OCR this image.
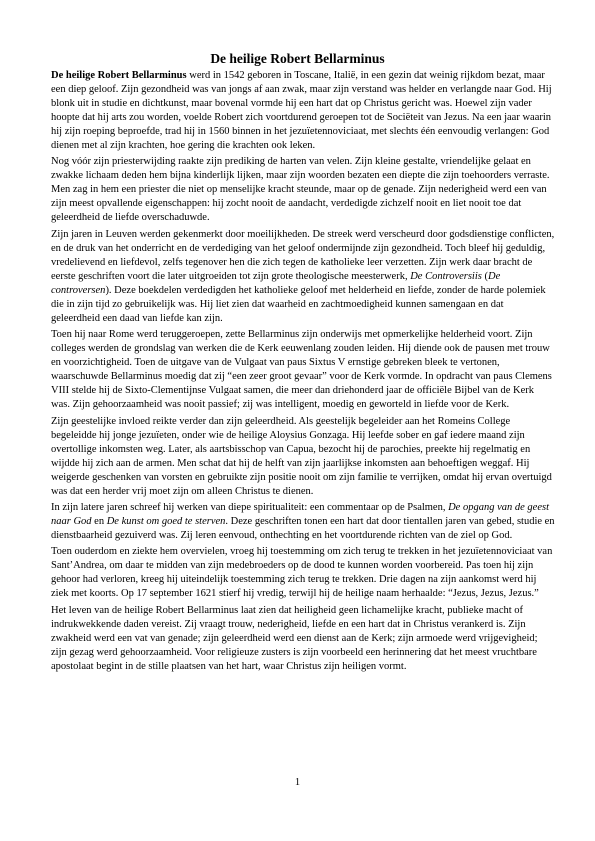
De heilige Robert Bellarminus

De heilige Robert Bellarminus werd in 1542 geboren in Toscane, Italië, in een gezin dat weinig rijkdom bezat, maar een diep geloof. Zijn gezondheid was van jongs af aan zwak, maar zijn verstand was helder en verlangde naar God. Hij blonk uit in studie en dichtkunst, maar bovenal vormde hij een hart dat op Christus gericht was. Hoewel zijn vader hoopte dat hij arts zou worden, voelde Robert zich voortdurend geroepen tot de Sociëteit van Jezus. Na een jaar waarin hij zijn roeping beproefde, trad hij in 1560 binnen in het jezuïetennoviciaat, met slechts één eenvoudig verlangen: God dienen met al zijn krachten, hoe gering die krachten ook leken.

Nog vóór zijn priesterwijding raakte zijn prediking de harten van velen. Zijn kleine gestalte, vriendelijke gelaat en zwakke lichaam deden hem bijna kinderlijk lijken, maar zijn woorden bezaten een diepte die zijn toehoorders verraste. Men zag in hem een priester die niet op menselijke kracht steunde, maar op de genade. Zijn nederigheid werd een van zijn meest opvallende eigenschappen: hij zocht nooit de aandacht, verdedigde zichzelf nooit en liet nooit toe dat geleerdheid de liefde overschaduwde.

Zijn jaren in Leuven werden gekenmerkt door moeilijkheden. De streek werd verscheurd door godsdienstige conflicten, en de druk van het onderricht en de verdediging van het geloof ondermijnde zijn gezondheid. Toch bleef hij geduldig, vredelievend en liefdevol, zelfs tegenover hen die zich tegen de katholieke leer verzetten. Zijn werk daar bracht de eerste geschriften voort die later uitgroeiden tot zijn grote theologische meesterwerk, De Controversiis (De controversen). Deze boekdelen verdedigden het katholieke geloof met helderheid en liefde, zonder de harde polemiek die in zijn tijd zo gebruikelijk was. Hij liet zien dat waarheid en zachtmoedigheid kunnen samengaan en dat geleerdheid een daad van liefde kan zijn.

Toen hij naar Rome werd teruggeroepen, zette Bellarminus zijn onderwijs met opmerkelijke helderheid voort. Zijn colleges werden de grondslag van werken die de Kerk eeuwenlang zouden leiden. Hij diende ook de pausen met trouw en voorzichtigheid. Toen de uitgave van de Vulgaat van paus Sixtus V ernstige gebreken bleek te vertonen, waarschuwde Bellarminus moedig dat zij “een zeer groot gevaar” voor de Kerk vormde. In opdracht van paus Clemens VIII stelde hij de Sixto-Clementijnse Vulgaat samen, die meer dan driehonderd jaar de officiële Bijbel van de Kerk was. Zijn gehoorzaamheid was nooit passief; zij was intelligent, moedig en geworteld in liefde voor de Kerk.

Zijn geestelijke invloed reikte verder dan zijn geleerdheid. Als geestelijk begeleider aan het Romeins College begeleidde hij jonge jezuïeten, onder wie de heilige Aloysius Gonzaga. Hij leefde sober en gaf iedere maand zijn overtollige inkomsten weg. Later, als aartsbisschop van Capua, bezocht hij de parochies, preekte hij regelmatig en wijdde hij zich aan de armen. Men schat dat hij de helft van zijn jaarlijkse inkomsten aan behoeftigen weggaf. Hij weigerde geschenken van vorsten en gebruikte zijn positie nooit om zijn familie te verrijken, omdat hij ervan overtuigd was dat een herder vrij moet zijn om alleen Christus te dienen.

In zijn latere jaren schreef hij werken van diepe spiritualiteit: een commentaar op de Psalmen, De opgang van de geest naar God en De kunst om goed te sterven. Deze geschriften tonen een hart dat door tientallen jaren van gebed, studie en dienstbaarheid gezuiverd was. Zij leren eenvoud, onthechting en het voortdurende richten van de ziel op God.

Toen ouderdom en ziekte hem overvielen, vroeg hij toestemming om zich terug te trekken in het jezuïetennoviciaat van Sant’Andrea, om daar te midden van zijn medebroeders op de dood te kunnen worden voorbereid. Pas toen hij zijn gehoor had verloren, kreeg hij uiteindelijk toestemming zich terug te trekken. Drie dagen na zijn aankomst werd hij ziek met koorts. Op 17 september 1621 stierf hij vredig, terwijl hij de heilige naam herhaalde: “Jezus, Jezus, Jezus.”

Het leven van de heilige Robert Bellarminus laat zien dat heiligheid geen lichamelijke kracht, publieke macht of indrukwekkende daden vereist. Zij vraagt trouw, nederigheid, liefde en een hart dat in Christus verankerd is. Zijn zwakheid werd een vat van genade; zijn geleerdheid werd een dienst aan de Kerk; zijn armoede werd vrijgevigheid; zijn gezag werd gehoorzaamheid. Voor religieuze zusters is zijn voorbeeld een herinnering dat het meest vruchtbare apostolaat begint in de stille plaatsen van het hart, waar Christus zijn heiligen vormt.

1
